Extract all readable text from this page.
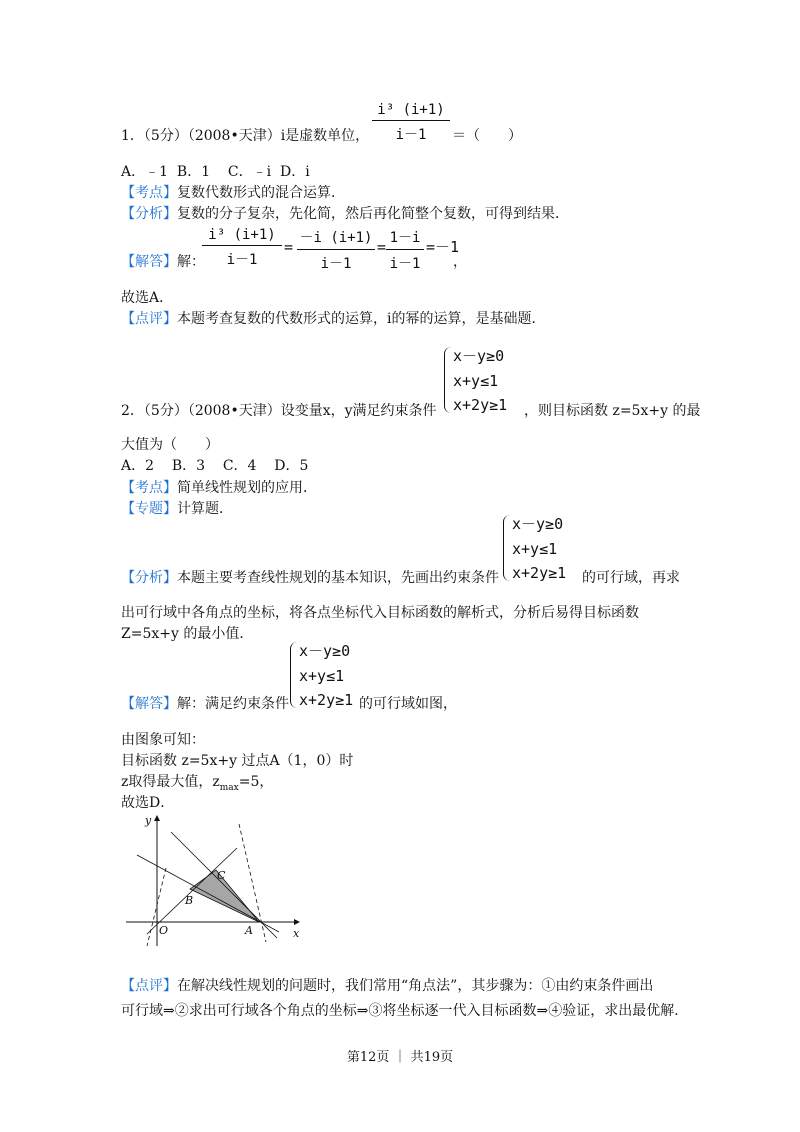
1．（5分）（2008•天津）i是虚数单位，
i³ (i+1)
i－1	＝（　　）
A．﹣1  B．1    C．﹣i  D．i
【考点】复数代数形式的混合运算．
【分析】复数的分子复杂，先化简，然后再化简整个复数，可得到结果．
【解答】解：
i³ (i+1)
i－1
= －i (i+1)
i－1
= 1－i
i－1
=－1
，
故选A．
【点评】本题考查复数的代数形式的运算，i的幂的运算，是基础题．
2．（5分）（2008•天津）设变量x，y满足约束条件
x－y≥0
x+y≤1
x+2y≥1 ，则目标函数 z=5x+y 的最
大值为（　　）
A．2    B．3    C．4    D．5
【考点】简单线性规划的应用．
【专题】计算题．
【分析】本题主要考查线性规划的基本知识，先画出约束条件
x－y≥0
x+y≤1
x+2y≥1 的可行域，再求
出可行域中各角点的坐标，将各点坐标代入目标函数的解析式，分析后易得目标函数
Z=5x+y 的最小值．
【解答】解：满足约束条件
x－y≥0
x+y≤1
x+2y≥1 的可行域如图，
由图象可知：
目标函数 z=5x+y 过点A（1，0）时
z取得最大值，$z_{max}=5$，
故选D．
y
x
O	A
B
C
【点评】在解决线性规划的问题时，我们常用“角点法”，其步骤为：①由约束条件画出
可行域⇒②求出可行域各个角点的坐标⇒③将坐标逐一代入目标函数⇒④验证，求出最优解．
第12页 ｜ 共19页
